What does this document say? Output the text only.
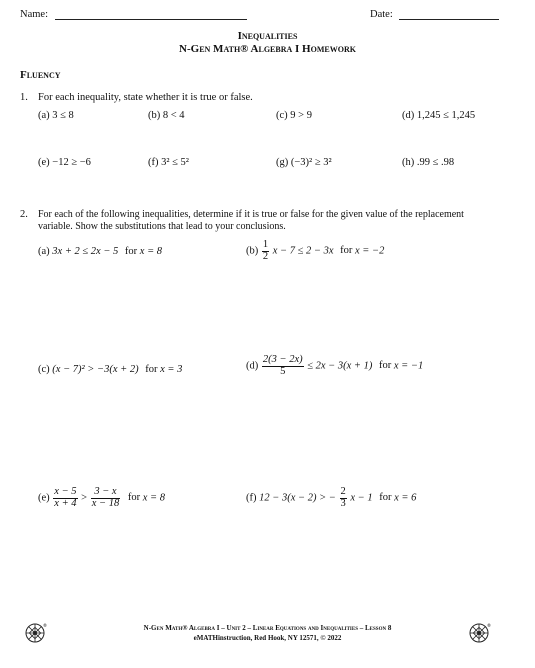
Name:	Date:
Inequalities
N-Gen Math® Algebra I Homework
Fluency
1. For each inequality, state whether it is true or false.
(a) 3 ≤ 8	(b) 8 < 4	(c) 9 > 9	(d) 1,245 ≤ 1,245
(e) −12 ≥ −6	(f) 3² ≤ 5²	(g) (−3)² ≥ 3²	(h) .99 ≤ .98
2. For each of the following inequalities, determine if it is true or false for the given value of the replacement
variable. Show the substitutions that lead to your conclusions.
(a) 3x + 2 ≤ 2x − 5 for x = 8	$(b) \frac{1}{2}$ x − 7 ≤ 2 − 3x for x = −2
(c) (x − 7)² > −3(x + 2) for x = 3	$(d) \frac{2(3 - 2x)}{5} \le 2x - 3(x + 1)$ for x = −1
$(e) \frac{x - 5}{x + 4} > \frac{3 - x}{x - 18}$ for x = 8	(f) 12 − 3(x − 2) > − $\frac{2}{3}$ x − 1 for x = 6
®	®
N-Gen Math® Algebra I – Unit 2 – Linear Equations and Inequalities – Lesson 8
eMATHinstruction, Red Hook, NY 12571, © 2022
